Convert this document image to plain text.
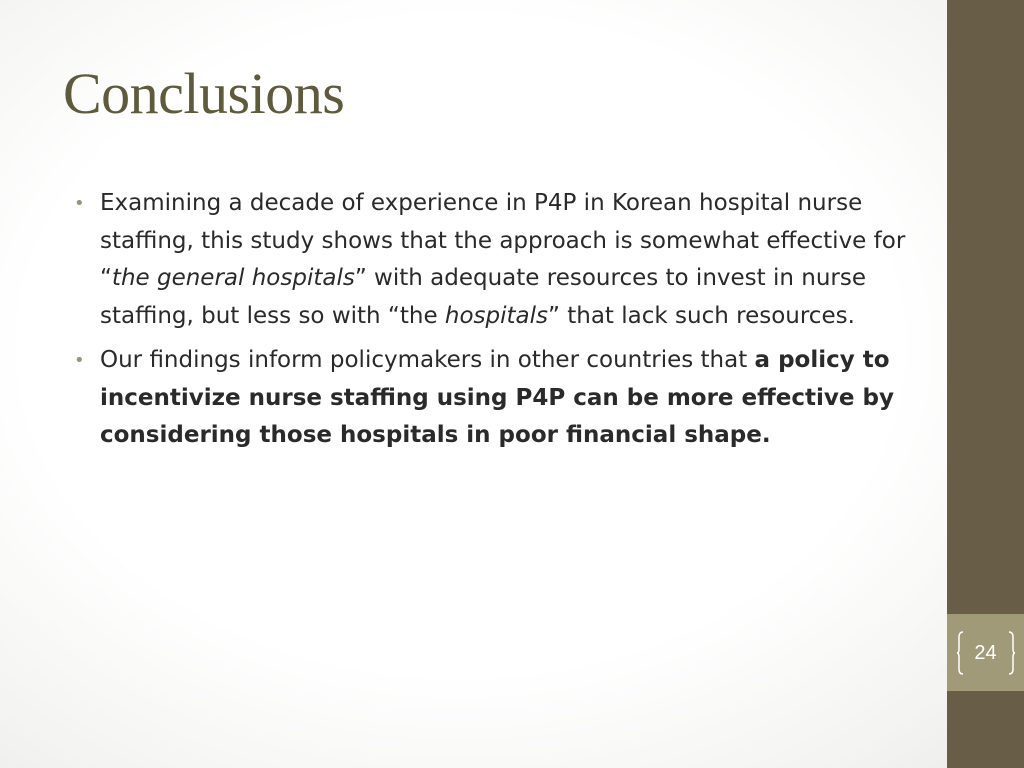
24
Conclusions
• Examining a decade of experience in P4P in Korean hospital nurse staffing, this study shows that the approach is somewhat effective for “the general hospitals” with adequate resources to invest in nurse staffing, but less so with “the hospitals” that lack such resources.
• Our findings inform policymakers in other countries that a policy to incentivize nurse staffing using P4P can be more effective by considering those hospitals in poor financial shape.
